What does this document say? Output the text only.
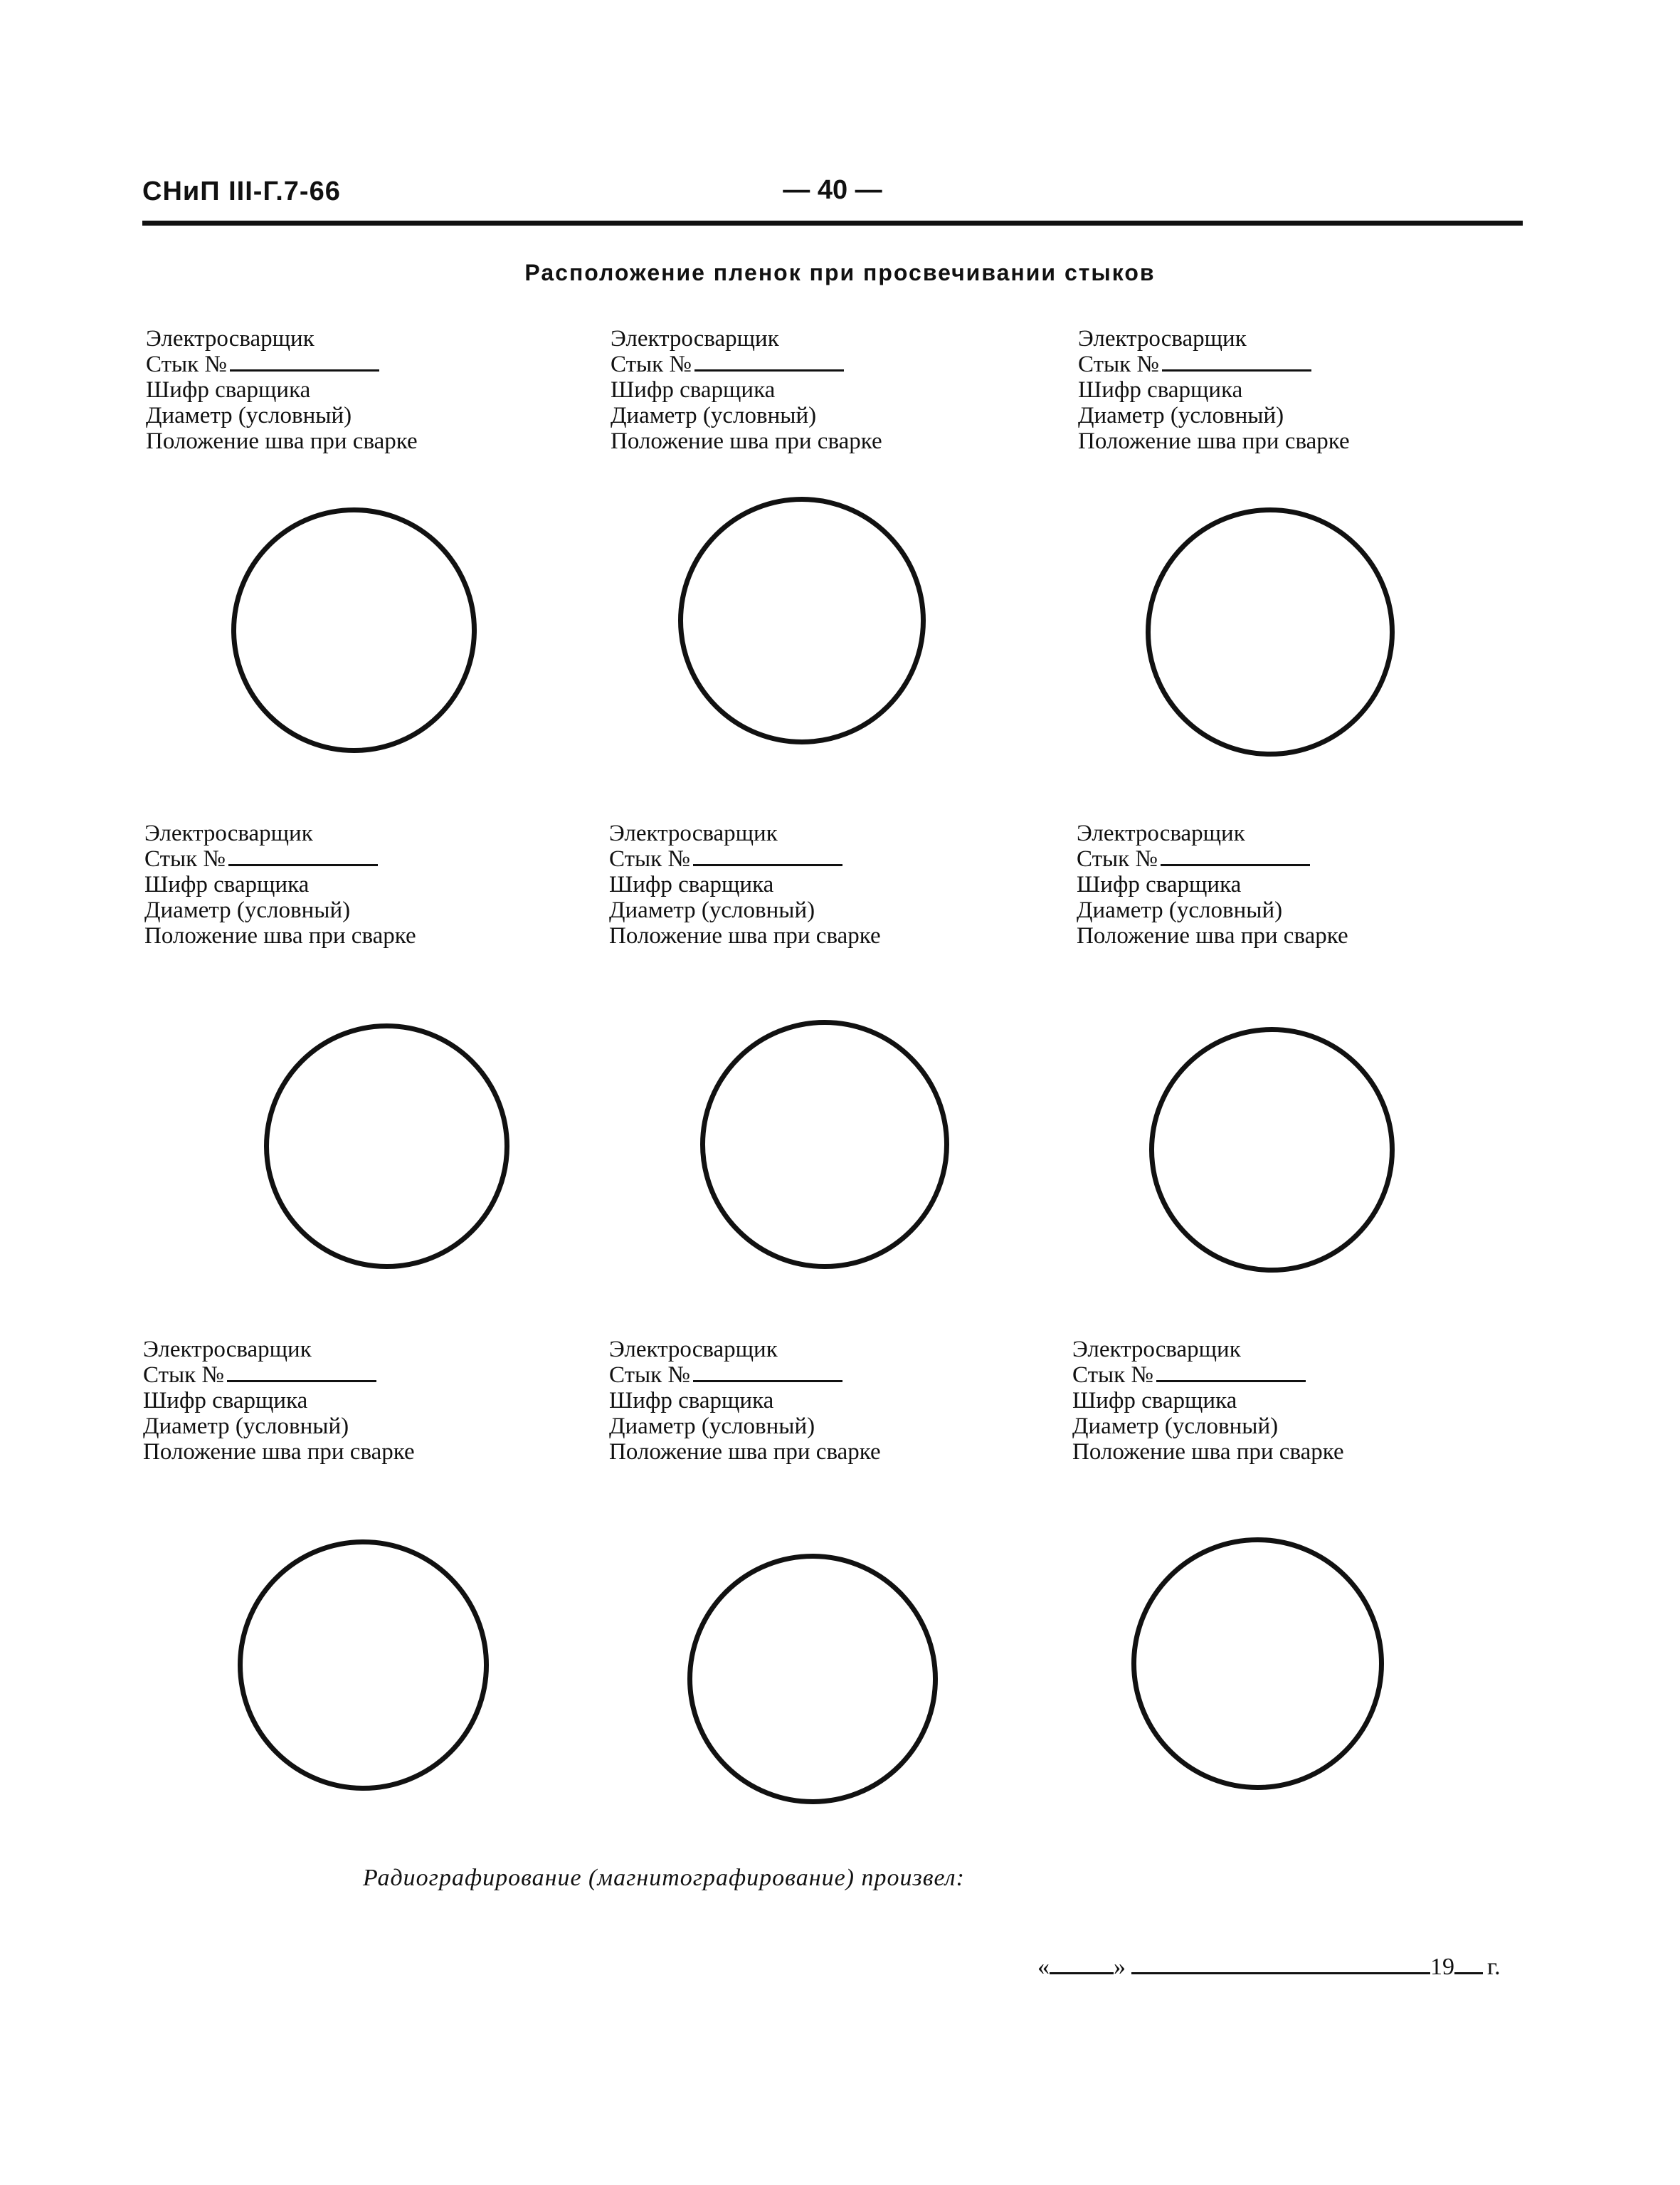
СНиП III-Г.7-66	— 40 —
Расположение пленок при просвечивании стыков
Электросварщик
Стык №
Шифр сварщика
Диаметр (условный)
Положение шва при сварке
Электросварщик
Стык №
Шифр сварщика
Диаметр (условный)
Положение шва при сварке
Электросварщик
Стык №
Шифр сварщика
Диаметр (условный)
Положение шва при сварке
Электросварщик
Стык №
Шифр сварщика
Диаметр (условный)
Положение шва при сварке
Электросварщик
Стык №
Шифр сварщика
Диаметр (условный)
Положение шва при сварке
Электросварщик
Стык №
Шифр сварщика
Диаметр (условный)
Положение шва при сварке
Электросварщик
Стык №
Шифр сварщика
Диаметр (условный)
Положение шва при сварке
Электросварщик
Стык №
Шифр сварщика
Диаметр (условный)
Положение шва при сварке
Электросварщик
Стык №
Шифр сварщика
Диаметр (условный)
Положение шва при сварке
Радиографирование (магнитографирование) произвел:
«	»	19 г.
